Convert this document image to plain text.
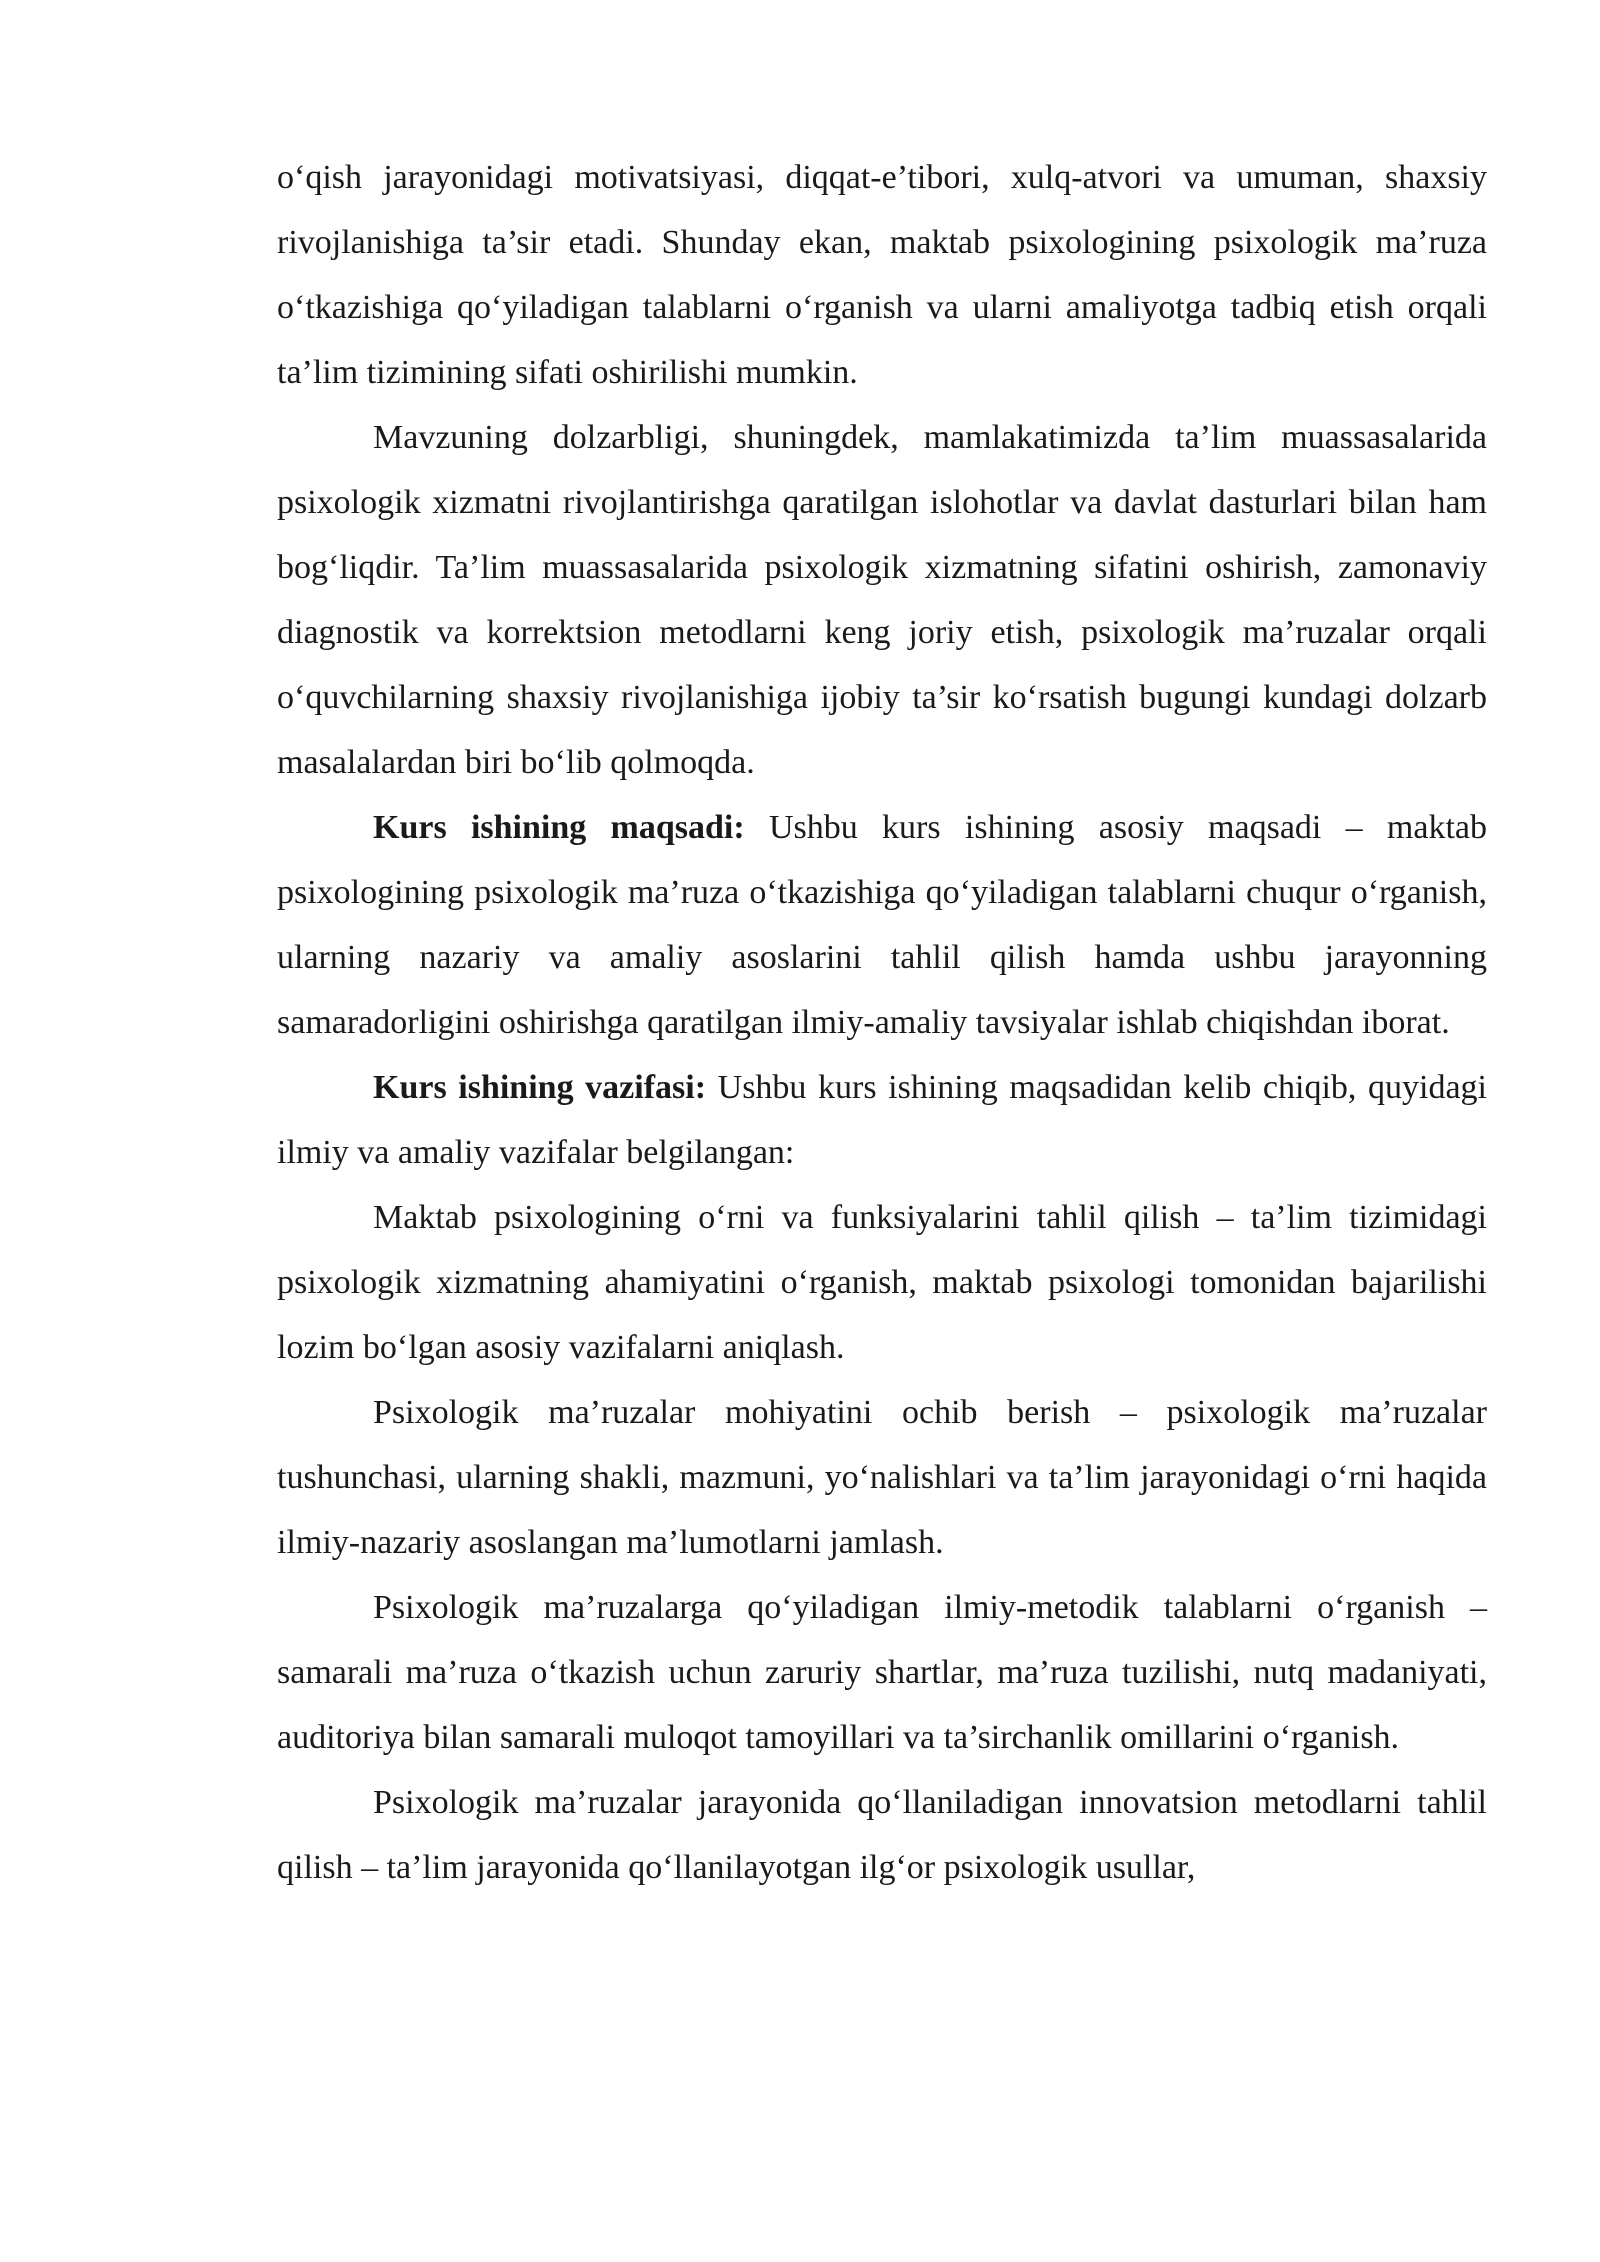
o‘qish jarayonidagi motivatsiyasi, diqqat-e’tibori, xulq-atvori va umuman, shaxsiy rivojlanishiga ta’sir etadi. Shunday ekan, maktab psixologining psixologik ma’ruza o‘tkazishiga qo‘yiladigan talablarni o‘rganish va ularni amaliyotga tadbiq etish orqali ta’lim tizimining sifati oshirilishi mumkin.

Mavzuning dolzarbligi, shuningdek, mamlakatimizda ta’lim muassasalarida psixologik xizmatni rivojlantirishga qaratilgan islohotlar va davlat dasturlari bilan ham bog‘liqdir. Ta’lim muassasalarida psixologik xizmatning sifatini oshirish, zamonaviy diagnostik va korrektsion metodlarni keng joriy etish, psixologik ma’ruzalar orqali o‘quvchilarning shaxsiy rivojlanishiga ijobiy ta’sir ko‘rsatish bugungi kundagi dolzarb masalalardan biri bo‘lib qolmoqda.

Kurs ishining maqsadi: Ushbu kurs ishining asosiy maqsadi – maktab psixologining psixologik ma’ruza o‘tkazishiga qo‘yiladigan talablarni chuqur o‘rganish, ularning nazariy va amaliy asoslarini tahlil qilish hamda ushbu jarayonning samaradorligini oshirishga qaratilgan ilmiy-amaliy tavsiyalar ishlab chiqishdan iborat.

Kurs ishining vazifasi: Ushbu kurs ishining maqsadidan kelib chiqib, quyidagi ilmiy va amaliy vazifalar belgilangan:

Maktab psixologining o‘rni va funksiyalarini tahlil qilish – ta’lim tizimidagi psixologik xizmatning ahamiyatini o‘rganish, maktab psixologi tomonidan bajarilishi lozim bo‘lgan asosiy vazifalarni aniqlash.

Psixologik ma’ruzalar mohiyatini ochib berish – psixologik ma’ruzalar tushunchasi, ularning shakli, mazmuni, yo‘nalishlari va ta’lim jarayonidagi o‘rni haqida ilmiy-nazariy asoslangan ma’lumotlarni jamlash.

Psixologik ma’ruzalarga qo‘yiladigan ilmiy-metodik talablarni o‘rganish – samarali ma’ruza o‘tkazish uchun zaruriy shartlar, ma’ruza tuzilishi, nutq madaniyati, auditoriya bilan samarali muloqot tamoyillari va ta’sirchanlik omillarini o‘rganish.

Psixologik ma’ruzalar jarayonida qo‘llaniladigan innovatsion metodlarni tahlil qilish – ta’lim jarayonida qo‘llanilayotgan ilg‘or psixologik usullar,
